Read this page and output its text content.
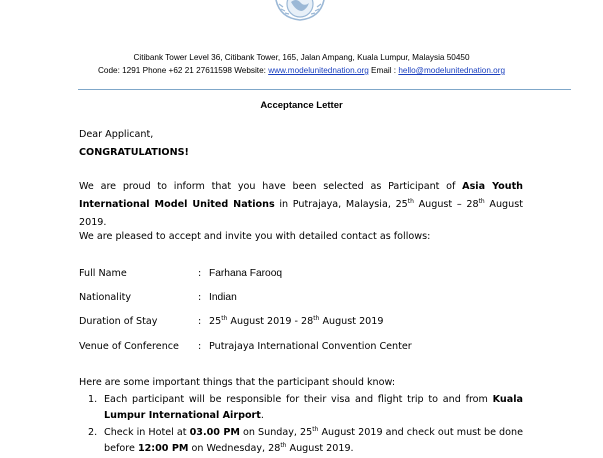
Citibank Tower Level 36, Citibank Tower, 165, Jalan Ampang, Kuala Lumpur, Malaysia 50450
Code: 1291 Phone +62 21 27611598 Website: www.modelunitednation.org Email : hello@modelunitednation.org
Acceptance Letter
Dear Applicant,
CONGRATULATIONS!
We are proud to inform that you have been selected as Participant of Asia Youth International Model United Nations in Putrajaya, Malaysia, 25th August – 28th August 2019.
We are pleased to accept and invite you with detailed contact as follows:
Full Name	: Farhana Farooq
Nationality	: Indian
Duration of Stay	: 25th August 2019 - 28th August 2019
Venue of Conference : Putrajaya International Convention Center
Here are some important things that the participant should know:
1. Each participant will be responsible for their visa and flight trip to and from Kuala Lumpur International Airport.
2. Check in Hotel at 03.00 PM on Sunday, 25th August 2019 and check out must be done before 12:00 PM on Wednesday, 28th August 2019.
